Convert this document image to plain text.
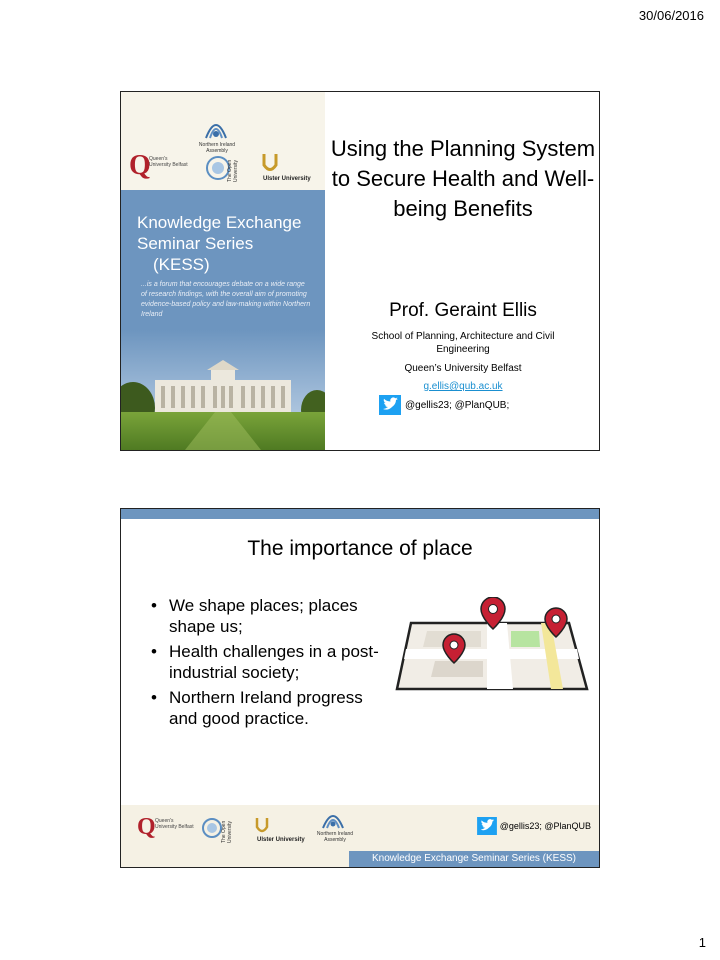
30/06/2016
Northern Ireland Assembly
Q
Queen's University Belfast	The Open University	Ulster University
Knowledge Exchange
Seminar Series
(KESS)
...is a forum that encourages debate on a wide range of research findings, with the overall aim of promoting evidence-based policy and law-making within Northern Ireland
Using the Planning System to Secure Health and Well-being Benefits
Prof. Geraint Ellis
School of Planning, Architecture and Civil Engineering
Queen’s University Belfast
g.ellis@qub.ac.uk
@gellis23; @PlanQUB;
The importance of place
• We shape places; places shape us;
• Health challenges in a post-industrial society;
• Northern Ireland progress and good practice.
Q Queen's University Belfast	The Open University	Ulster University
Northern Ireland Assembly
@gellis23; @PlanQUB
Knowledge Exchange Seminar Series (KESS)
1
